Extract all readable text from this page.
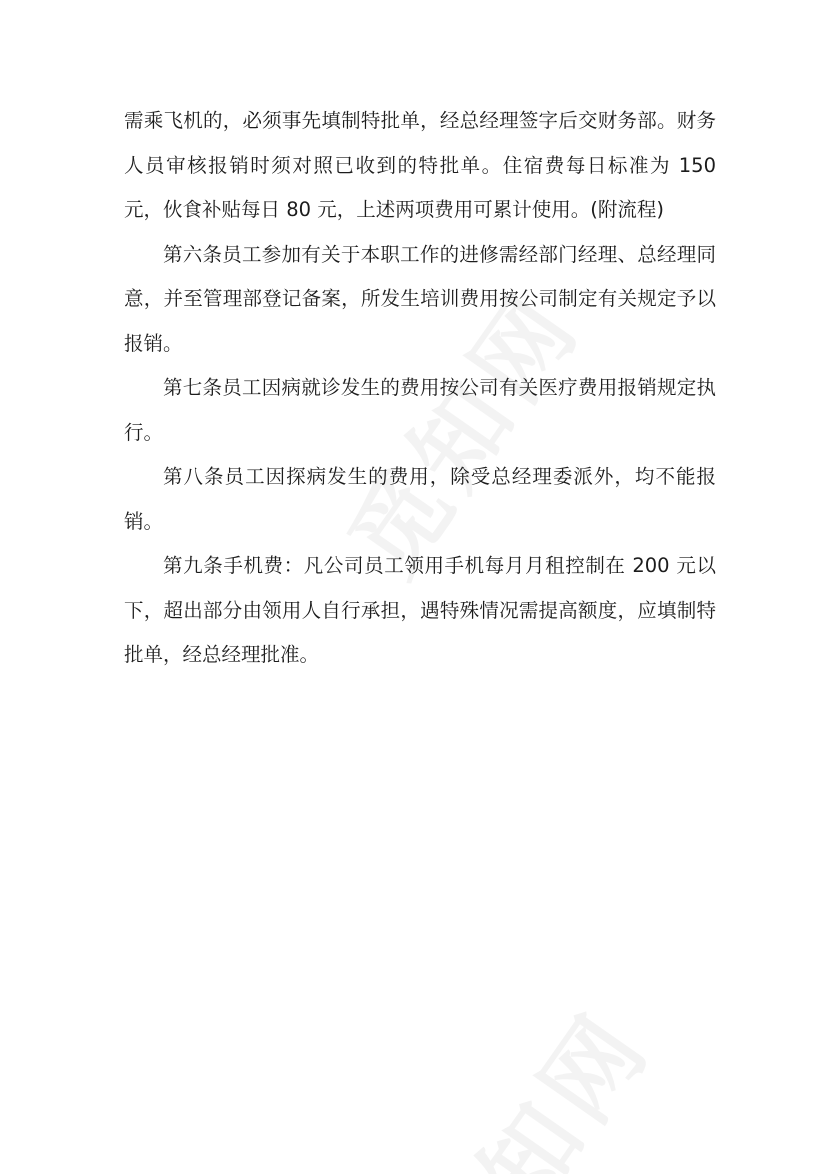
需乘飞机的，必须事先填制特批单，经总经理签字后交财务部。财务人员审核报销时须对照已收到的特批单。住宿费每日标准为 150 元，伙食补贴每日 80 元，上述两项费用可累计使用。(附流程)

第六条员工参加有关于本职工作的进修需经部门经理、总经理同意，并至管理部登记备案，所发生培训费用按公司制定有关规定予以报销。

第七条员工因病就诊发生的费用按公司有关医疗费用报销规定执行。

第八条员工因探病发生的费用，除受总经理委派外，均不能报销。

第九条手机费：凡公司员工领用手机每月月租控制在 200 元以下，超出部分由领用人自行承担，遇特殊情况需提高额度，应填制特批单，经总经理批准。
